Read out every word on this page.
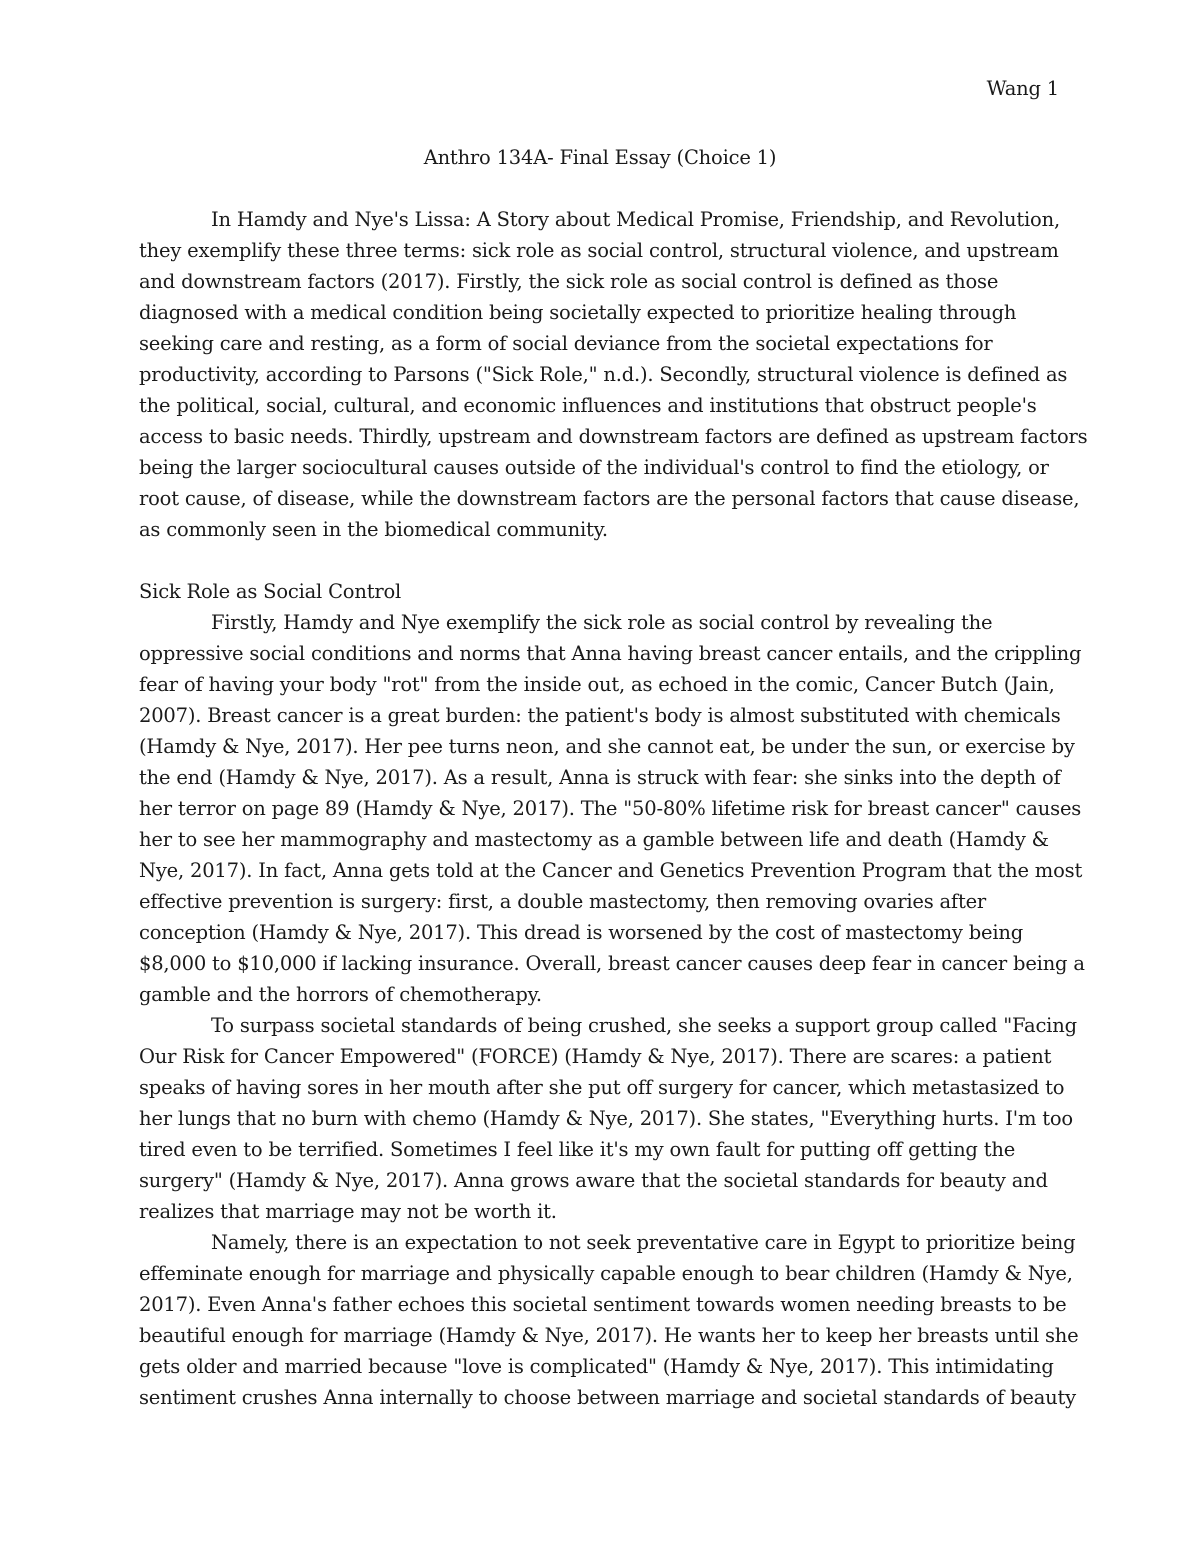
Wang 1
Anthro 134A- Final Essay (Choice 1)
In Hamdy and Nye's Lissa: A Story about Medical Promise, Friendship, and Revolution,
they exemplify these three terms: sick role as social control, structural violence, and upstream
and downstream factors (2017). Firstly, the sick role as social control is defined as those
diagnosed with a medical condition being societally expected to prioritize healing through
seeking care and resting, as a form of social deviance from the societal expectations for
productivity, according to Parsons ("Sick Role," n.d.). Secondly, structural violence is defined as
the political, social, cultural, and economic influences and institutions that obstruct people's
access to basic needs. Thirdly, upstream and downstream factors are defined as upstream factors
being the larger sociocultural causes outside of the individual's control to find the etiology, or
root cause, of disease, while the downstream factors are the personal factors that cause disease,
as commonly seen in the biomedical community.
Sick Role as Social Control
Firstly, Hamdy and Nye exemplify the sick role as social control by revealing the
oppressive social conditions and norms that Anna having breast cancer entails, and the crippling
fear of having your body "rot" from the inside out, as echoed in the comic, Cancer Butch (Jain,
2007). Breast cancer is a great burden: the patient's body is almost substituted with chemicals
(Hamdy & Nye, 2017). Her pee turns neon, and she cannot eat, be under the sun, or exercise by
the end (Hamdy & Nye, 2017). As a result, Anna is struck with fear: she sinks into the depth of
her terror on page 89 (Hamdy & Nye, 2017). The "50-80% lifetime risk for breast cancer" causes
her to see her mammography and mastectomy as a gamble between life and death (Hamdy &
Nye, 2017). In fact, Anna gets told at the Cancer and Genetics Prevention Program that the most
effective prevention is surgery: first, a double mastectomy, then removing ovaries after
conception (Hamdy & Nye, 2017). This dread is worsened by the cost of mastectomy being
$8,000 to $10,000 if lacking insurance. Overall, breast cancer causes deep fear in cancer being a
gamble and the horrors of chemotherapy.
To surpass societal standards of being crushed, she seeks a support group called "Facing
Our Risk for Cancer Empowered" (FORCE) (Hamdy & Nye, 2017). There are scares: a patient
speaks of having sores in her mouth after she put off surgery for cancer, which metastasized to
her lungs that no burn with chemo (Hamdy & Nye, 2017). She states, "Everything hurts. I'm too
tired even to be terrified. Sometimes I feel like it's my own fault for putting off getting the
surgery" (Hamdy & Nye, 2017). Anna grows aware that the societal standards for beauty and
realizes that marriage may not be worth it.
Namely, there is an expectation to not seek preventative care in Egypt to prioritize being
effeminate enough for marriage and physically capable enough to bear children (Hamdy & Nye,
2017). Even Anna's father echoes this societal sentiment towards women needing breasts to be
beautiful enough for marriage (Hamdy & Nye, 2017). He wants her to keep her breasts until she
gets older and married because "love is complicated" (Hamdy & Nye, 2017). This intimidating
sentiment crushes Anna internally to choose between marriage and societal standards of beauty
